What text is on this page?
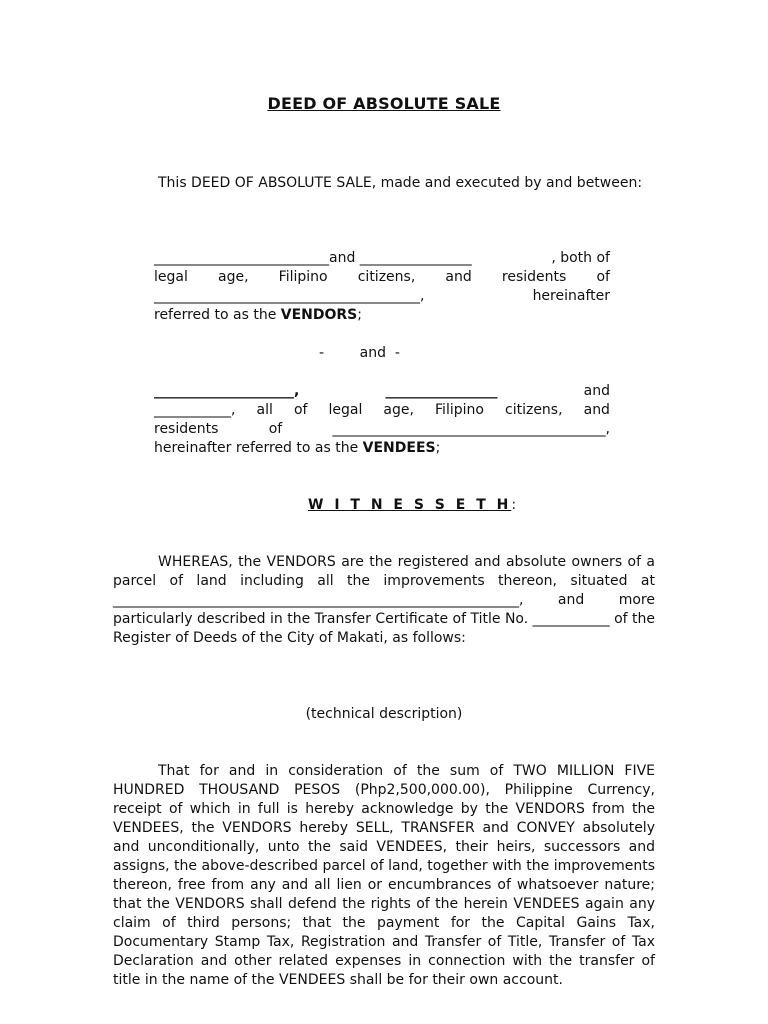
DEED OF ABSOLUTE SALE

This DEED OF ABSOLUTE SALE, made and executed by and between:

_________________________and ________________	, both of
legal age, Filipino citizens, and residents of
______________________________________,	hereinafter
referred to as the VENDORS ;

-        and  -

____________________,	________________	and
___________, all of legal age, Filipino citizens, and
residents	of	_______________________________________,
hereinafter referred to as the VENDEES ;

W I T N E S S E T H:

WHEREAS, the VENDORS are the registered and absolute owners of a parcel of land including all the improvements thereon, situated at __________________________________________________________, and more particularly described in the Transfer Certificate of Title No. ___________ of the Register of Deeds of the City of Makati, as follows:

(technical description)

That for and in consideration of the sum of TWO MILLION FIVE HUNDRED THOUSAND PESOS (Php2,500,000.00), Philippine Currency, receipt of which in full is hereby acknowledge by the VENDORS from the VENDEES, the VENDORS hereby SELL, TRANSFER and CONVEY absolutely and unconditionally, unto the said VENDEES, their heirs, successors and assigns, the above-described parcel of land, together with the improvements thereon, free from any and all lien or encumbrances of whatsoever nature; that the VENDORS shall defend the rights of the herein VENDEES again any claim of third persons; that the payment for the Capital Gains Tax, Documentary Stamp Tax, Registration and Transfer of Title, Transfer of Tax Declaration and other related expenses in connection with the transfer of title in the name of the VENDEES shall be for their own account.
